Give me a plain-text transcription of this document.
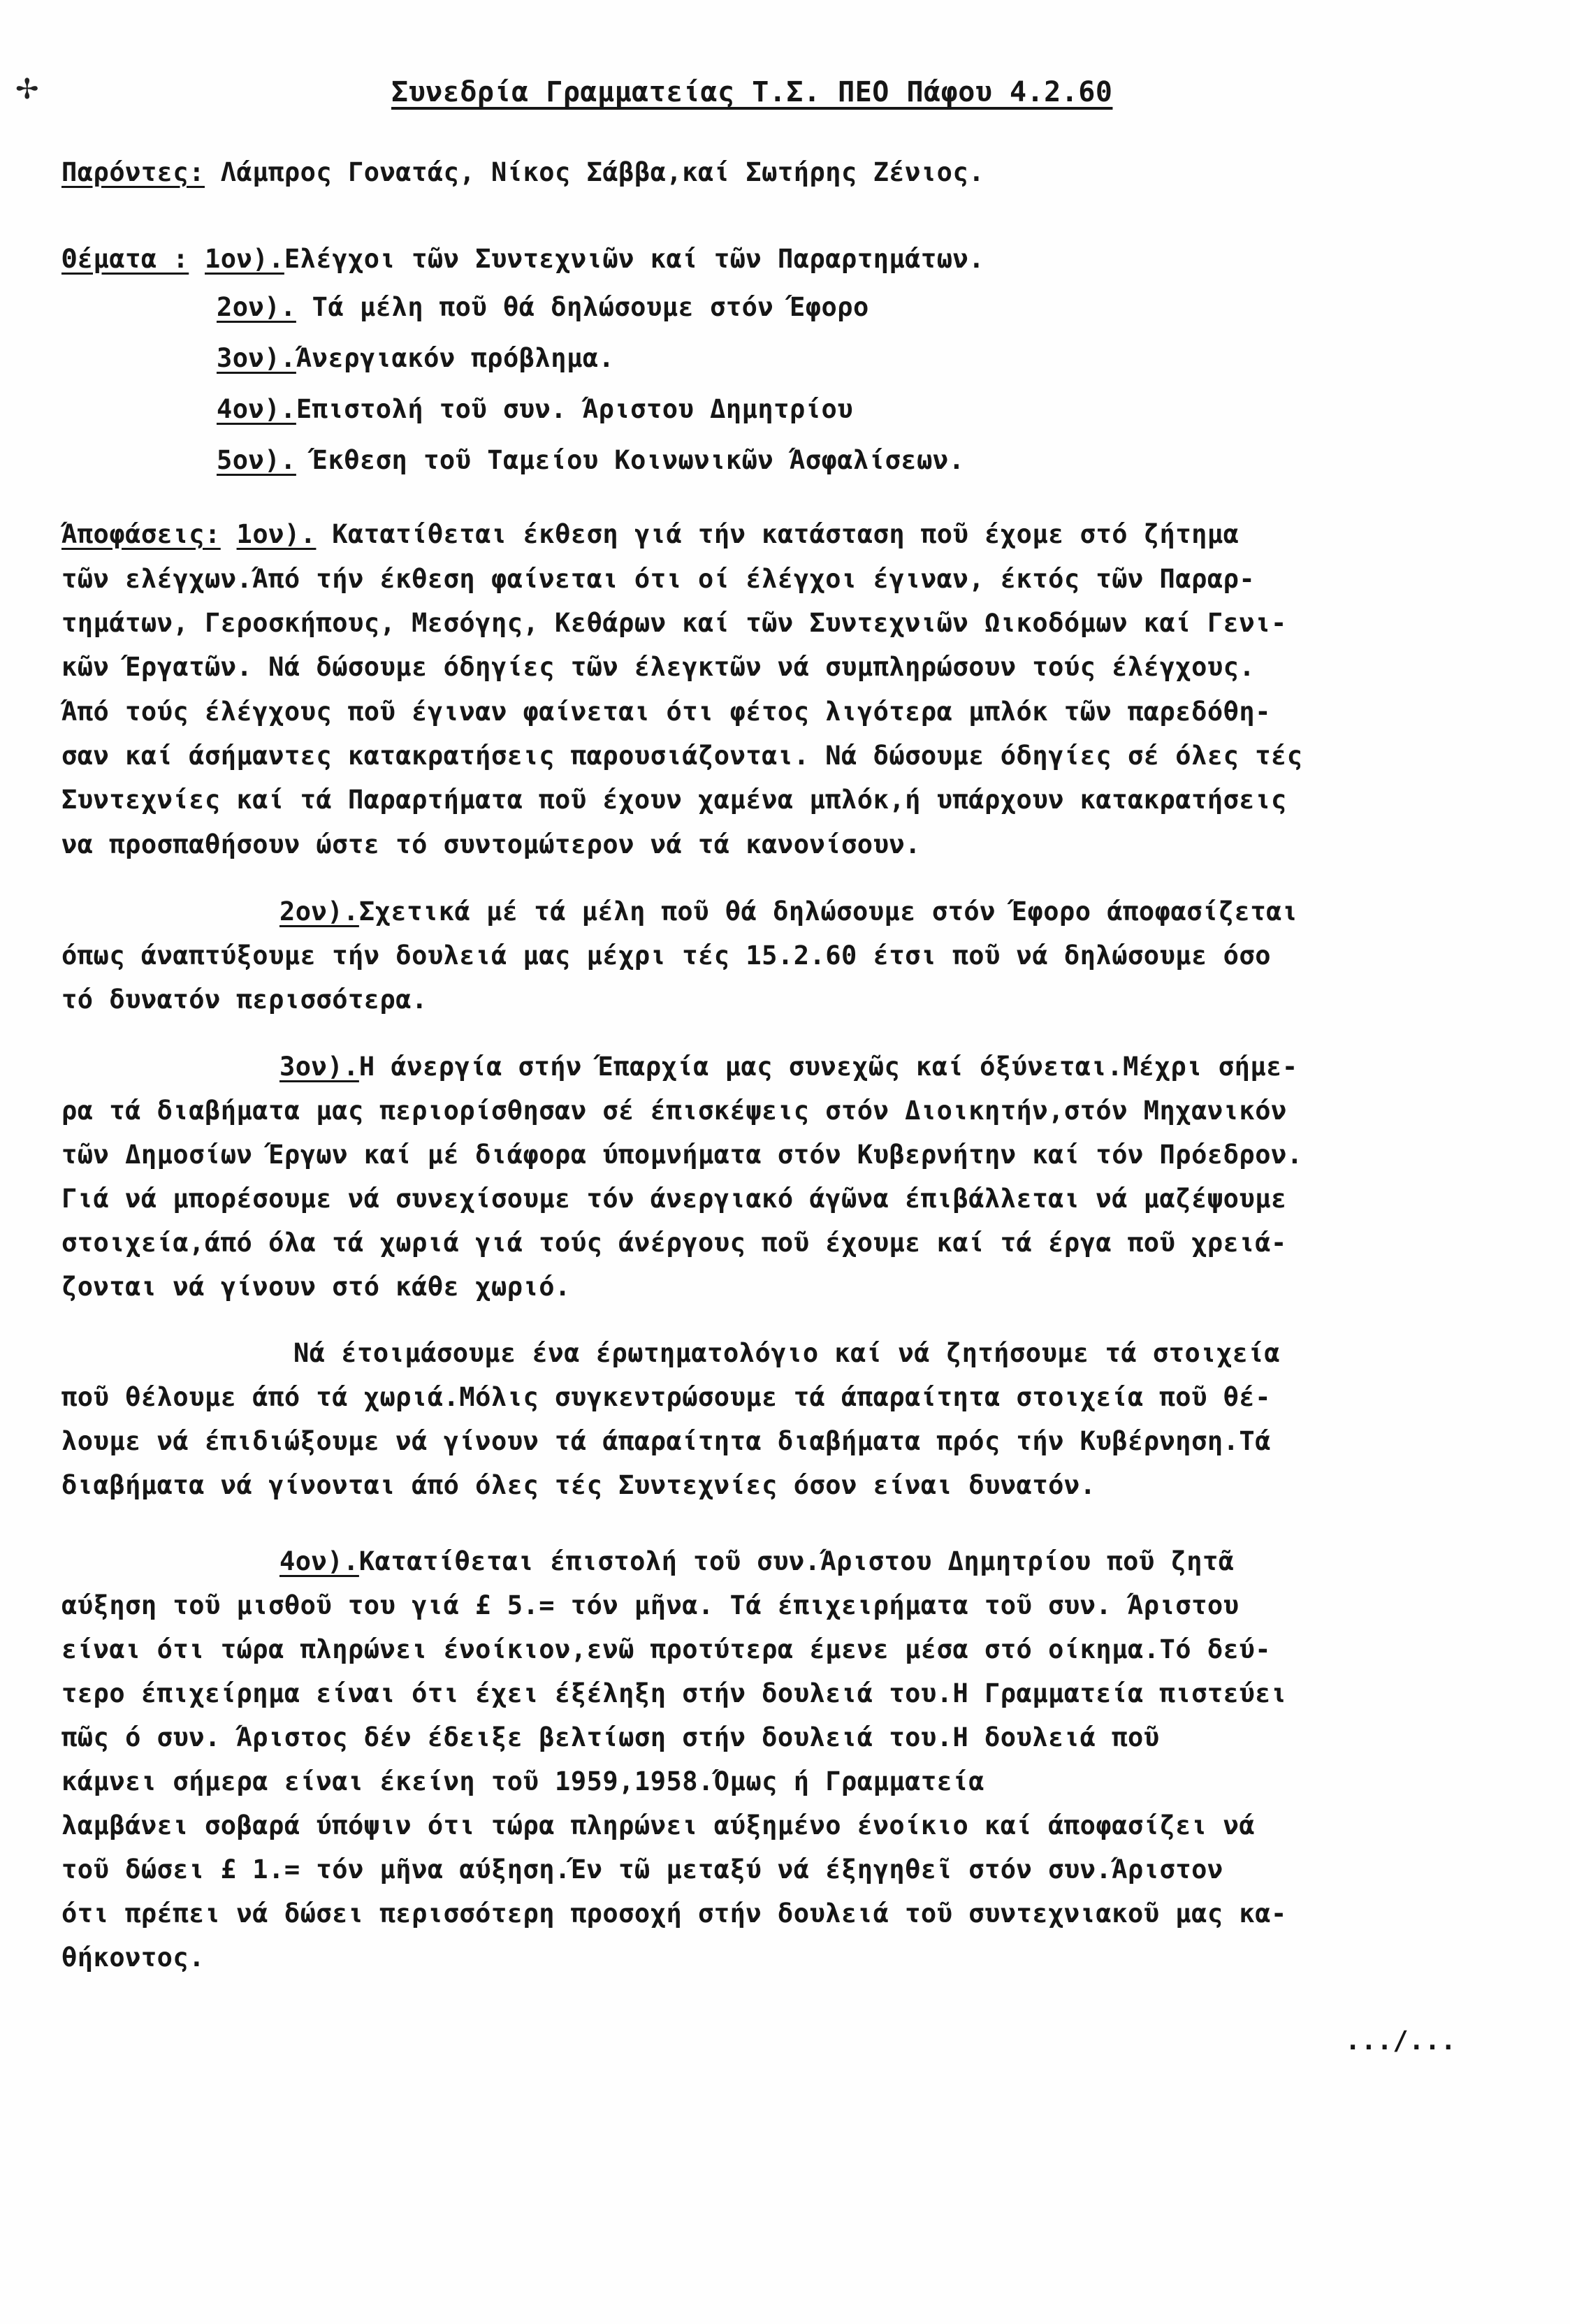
✢	Συνεδρία Γραμματείας Τ.Σ. ΠΕΟ Πάφου 4.2.60
Παρόντες: Λάμπρος Γονατάς, Νίκος Σάββα,καί Σωτήρης Ζένιος.
Θέματα : 1ον).Ελέγχοι τῶν Συντεχνιῶν καί τῶν Παραρτημάτων.
2ον). Τά μέλη ποῦ θά δηλώσουμε στόν Έφορο
3ον).Άνεργιακόν πρόβλημα.
4ον).Επιστολή τοῦ συν. Άριστου Δημητρίου
5ον). Έκθεση τοῦ Ταμείου Κοινωνικῶν Άσφαλίσεων.
Άποφάσεις: 1ον). Κατατίθεται έκθεση γιά τήν κατάσταση ποῦ έχομε στό ζήτημα
τῶν ελέγχων.Άπό τήν έκθεση φαίνεται ότι οί έλέγχοι έγιναν, έκτός τῶν Παραρ-
τημάτων, Γεροσκήπους, Μεσόγης, Κεθάρων καί τῶν Συντεχνιῶν Ωικοδόμων καί Γενι-
κῶν Έργατῶν. Νά δώσουμε όδηγίες τῶν έλεγκτῶν νά συμπληρώσουν τούς έλέγχους.
Άπό τούς έλέγχους ποῦ έγιναν φαίνεται ότι φέτος λιγότερα μπλόκ τῶν παρεδόθη-
σαν καί άσήμαντες κατακρατήσεις παρουσιάζονται. Νά δώσουμε όδηγίες σέ όλες τές
Συντεχνίες καί τά Παραρτήματα ποῦ έχουν χαμένα μπλόκ,ή υπάρχουν κατακρατήσεις
να προσπαθήσουν ώστε τό συντομώτερον νά τά κανονίσουν.
2ον).Σχετικά μέ τά μέλη ποῦ θά δηλώσουμε στόν Έφορο άποφασίζεται
όπως άναπτύξουμε τήν δουλειά μας μέχρι τές 15.2.60 έτσι ποῦ νά δηλώσουμε όσο
τό δυνατόν περισσότερα.
3ον).Η άνεργία στήν Έπαρχία μας συνεχῶς καί όξύνεται.Μέχρι σήμε-
ρα τά διαβήματα μας περιορίσθησαν σέ έπισκέψεις στόν Διοικητήν,στόν Μηχανικόν
τῶν Δημοσίων Έργων καί μέ διάφορα ύπομνήματα στόν Κυβερνήτην καί τόν Πρόεδρον.
Γιά νά μπορέσουμε νά συνεχίσουμε τόν άνεργιακό άγῶνα έπιβάλλεται νά μαζέψουμε
στοιχεία,άπό όλα τά χωριά γιά τούς άνέργους ποῦ έχουμε καί τά έργα ποῦ χρειά-
ζονται νά γίνουν στό κάθε χωριό.
Νά έτοιμάσουμε ένα έρωτηματολόγιο καί νά ζητήσουμε τά στοιχεία
ποῦ θέλουμε άπό τά χωριά.Μόλις συγκεντρώσουμε τά άπαραίτητα στοιχεία ποῦ θέ-
λουμε νά έπιδιώξουμε νά γίνουν τά άπαραίτητα διαβήματα πρός τήν Κυβέρνηση.Τά
διαβήματα νά γίνονται άπό όλες τές Συντεχνίες όσον είναι δυνατόν.
4ον).Κατατίθεται έπιστολή τοῦ συν.Άριστου Δημητρίου ποῦ ζητᾶ
αύξηση τοῦ μισθοῦ του γιά £ 5.= τόν μῆνα. Τά έπιχειρήματα τοῦ συν. Άριστου
είναι ότι τώρα πληρώνει ένοίκιον,ενῶ προτύτερα έμενε μέσα στό οίκημα.Τό δεύ-
τερο έπιχείρημα είναι ότι έχει έξέληξη στήν δουλειά του.Η Γραμματεία πιστεύει
πῶς ό συν. Άριστος δέν έδειξε βελτίωση στήν δουλειά του.Η δουλειά ποῦ
κάμνει σήμερα είναι έκείνη τοῦ 1959,1958.Όμως ή Γραμματεία
λαμβάνει σοβαρά ύπόψιν ότι τώρα πληρώνει αύξημένο ένοίκιο καί άποφασίζει νά
τοῦ δώσει £ 1.= τόν μῆνα αύξηση.Έν τῶ μεταξύ νά έξηγηθεῖ στόν συν.Άριστον
ότι πρέπει νά δώσει περισσότερη προσοχή στήν δουλειά τοῦ συντεχνιακοῦ μας κα-
θήκοντος.
.../...
